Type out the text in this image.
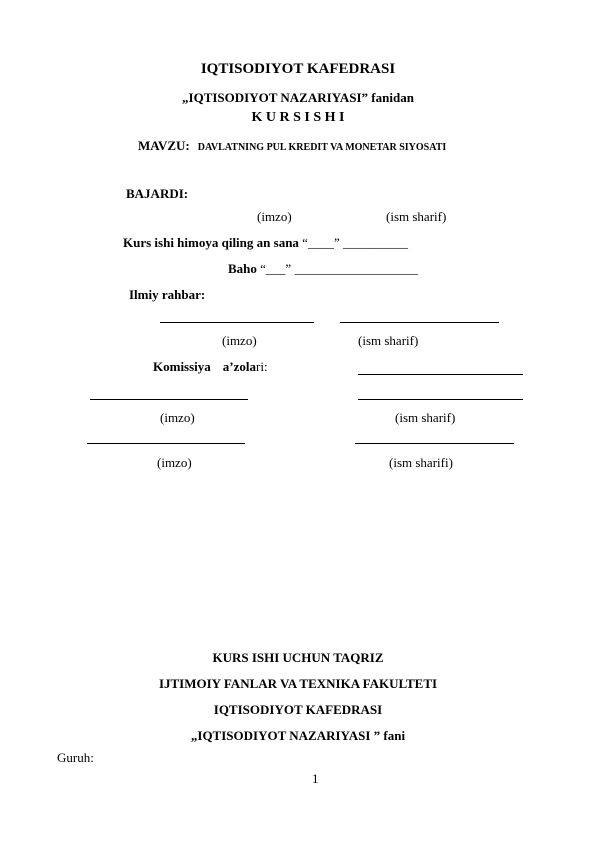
IQTISODIYOT KAFEDRASI
„IQTISODIYOT NAZARIYASI” fanidan
K U R S I S H I
MAVZU: DAVLATNING PUL KREDIT VA MONETAR SIYOSATI
BAJARDI:
(imzo)	(ism sharif)
Kurs ishi himoya qiling an sana “____” __________
Baho “___” ___________________
Ilmiy rahbar:
(imzo)	(ism sharif)
Komissiya a’zolari:
(imzo)	(ism sharif)
(imzo)	(ism sharifi)
KURS ISHI UCHUN TAQRIZ
IJTIMOIY FANLAR VA TEXNIKA FAKULTETI
IQTISODIYOT KAFEDRASI
„IQTISODIYOT NAZARIYASI ” fani
Guruh:
1
